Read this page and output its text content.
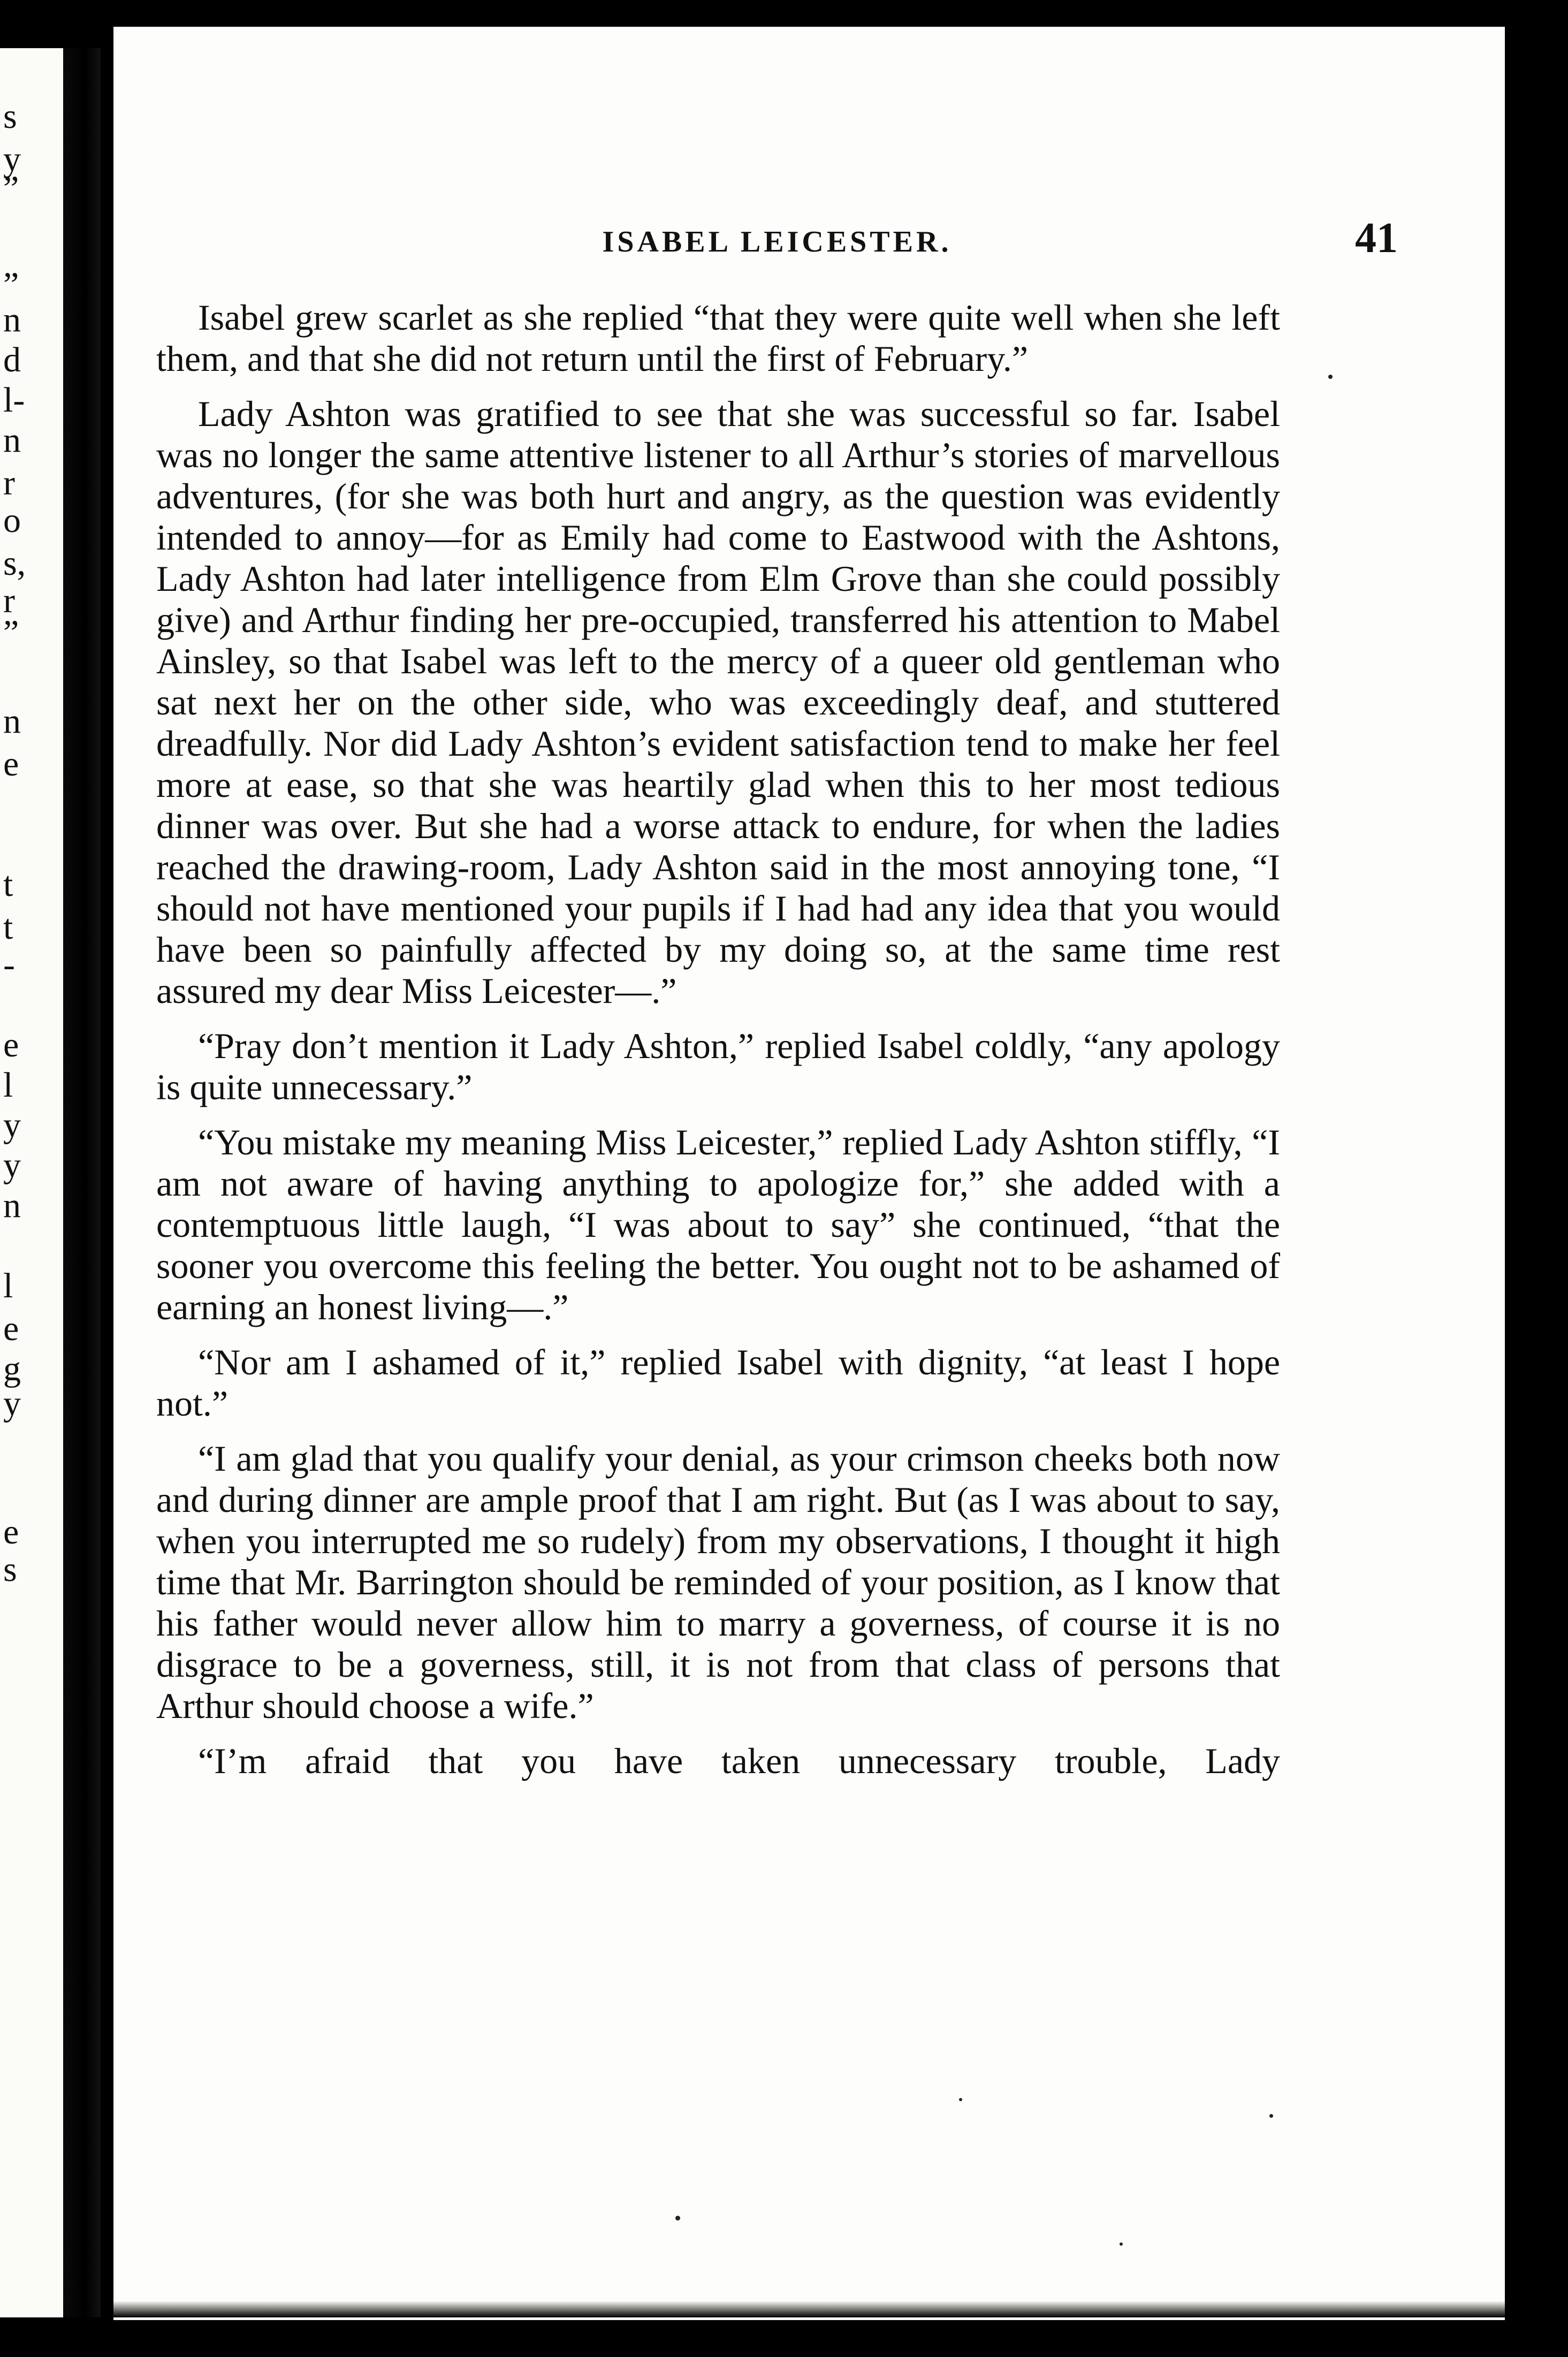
s
y
”
”
n
d
l-
n
r
o
s,
r
”
n
e
t
t
-
e
l
y
y
n
l
e
g
y
e
s
ISABEL LEICESTER.	41

Isabel grew scarlet as she replied “that they were quite well when she left them, and that she did not return until the first of February.”

Lady Ashton was gratified to see that she was successful so far. Isabel was no longer the same attentive listener to all Arthur’s stories of marvellous adventures, (for she was both hurt and angry, as the question was evidently intended to annoy—for as Emily had come to Eastwood with the Ashtons, Lady Ashton had later intelligence from Elm Grove than she could possibly give) and Arthur finding her pre-occupied, transferred his attention to Mabel Ainsley, so that Isabel was left to the mercy of a queer old gentleman who sat next her on the other side, who was exceedingly deaf, and stuttered dreadfully. Nor did Lady Ashton’s evident satisfaction tend to make her feel more at ease, so that she was heartily glad when this to her most tedious dinner was over. But she had a worse attack to endure, for when the ladies reached the drawing-room, Lady Ashton said in the most annoying tone, “I should not have mentioned your pupils if I had had any idea that you would have been so painfully affected by my doing so, at the same time rest assured my dear Miss Leicester—.”

“Pray don’t mention it Lady Ashton,” replied Isabel coldly, “any apology is quite unnecessary.”

“You mistake my meaning Miss Leicester,” replied Lady Ashton stiffly, “I am not aware of having anything to apologize for,” she added with a contemptuous little laugh, “I was about to say” she continued, “that the sooner you overcome this feeling the better. You ought not to be ashamed of earning an honest living—.”

“Nor am I ashamed of it,” replied Isabel with dignity, “at least I hope not.”

“I am glad that you qualify your denial, as your crimson cheeks both now and during dinner are ample proof that I am right. But (as I was about to say, when you interrupted me so rudely) from my observations, I thought it high time that Mr. Barrington should be reminded of your position, as I know that his father would never allow him to marry a governess, of course it is no disgrace to be a governess, still, it is not from that class of persons that Arthur should choose a wife.”

“I’m afraid that you have taken unnecessary trouble, Lady
